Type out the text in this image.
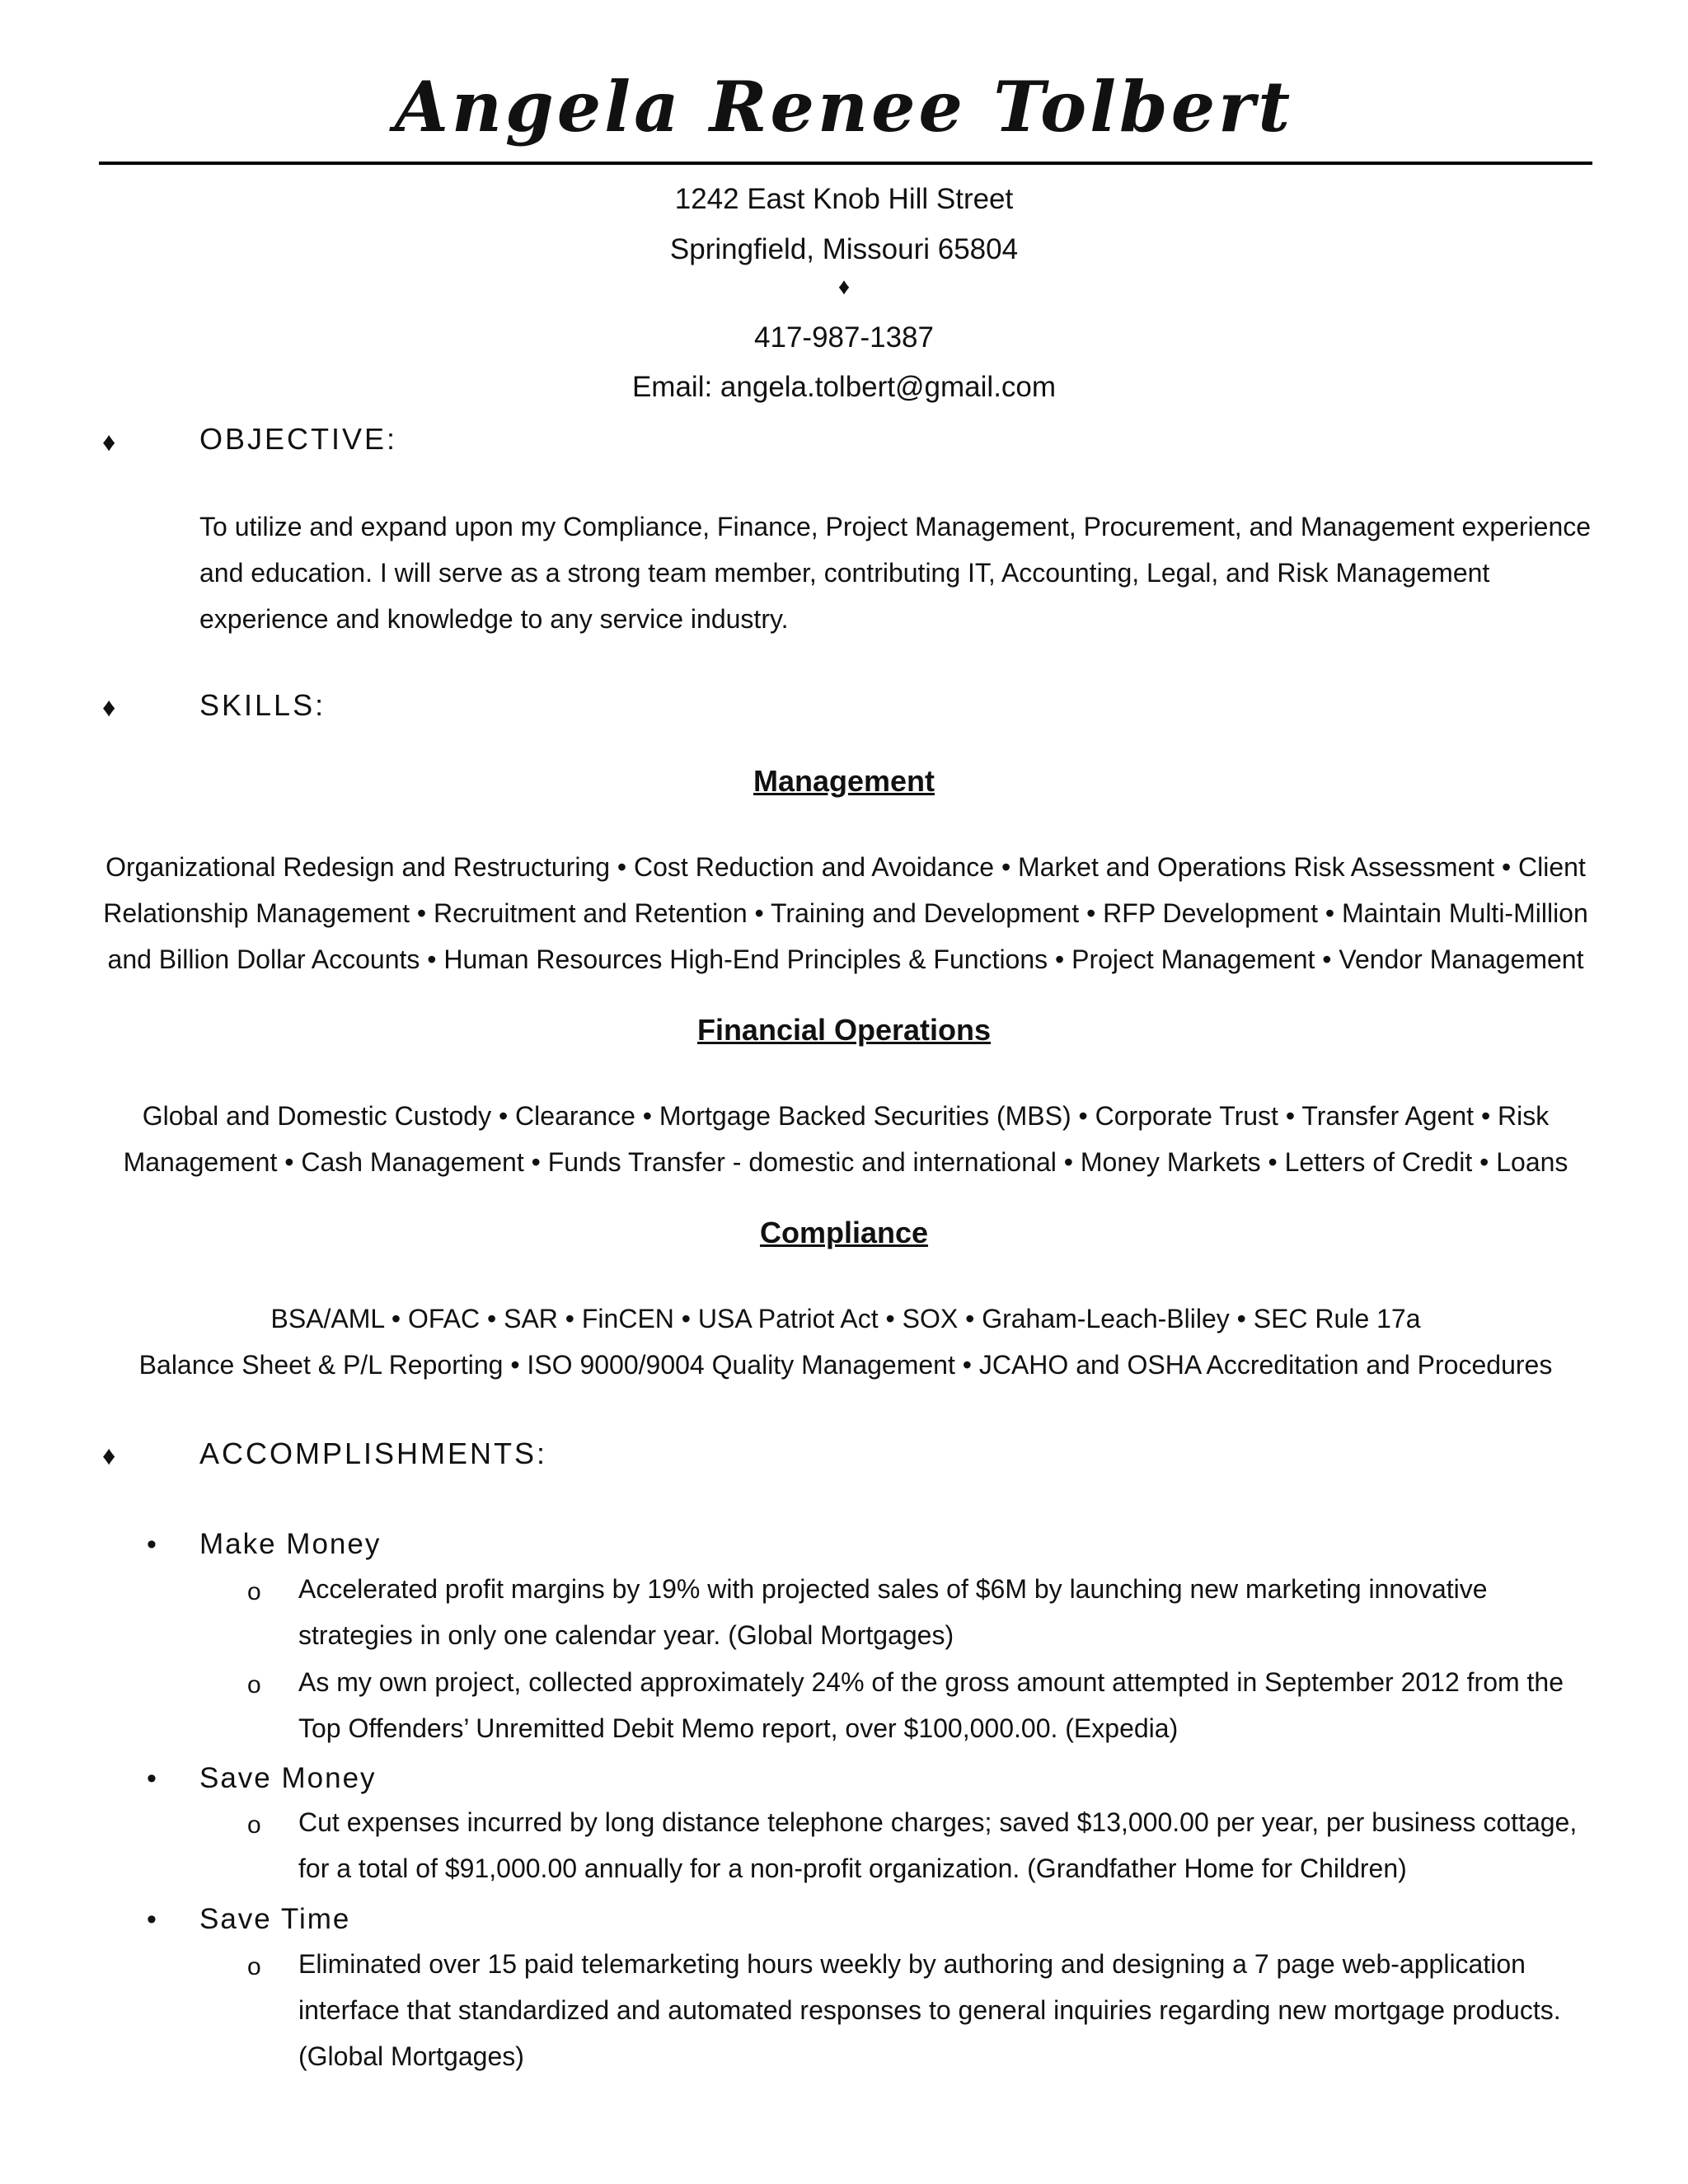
Angela Renee Tolbert
1242 East Knob Hill Street
Springfield, Missouri 65804
♦
417-987-1387
Email: angela.tolbert@gmail.com
♦	OBJECTIVE:
To utilize and expand upon my Compliance, Finance, Project Management, Procurement, and Management experience and education. I will serve as a strong team member, contributing IT, Accounting, Legal, and Risk Management experience and knowledge to any service industry.
♦	SKILLS:
Management
Organizational Redesign and Restructuring • Cost Reduction and Avoidance • Market and Operations Risk Assessment • Client Relationship Management • Recruitment and Retention • Training and Development • RFP Development • Maintain Multi-Million and Billion Dollar Accounts • Human Resources High-End Principles & Functions • Project Management • Vendor Management
Financial Operations
Global and Domestic Custody • Clearance • Mortgage Backed Securities (MBS) • Corporate Trust • Transfer Agent • Risk Management • Cash Management • Funds Transfer - domestic and international • Money Markets • Letters of Credit • Loans
Compliance
BSA/AML • OFAC • SAR • FinCEN • USA Patriot Act • SOX • Graham-Leach-Bliley • SEC Rule 17a
Balance Sheet & P/L Reporting • ISO 9000/9004 Quality Management • JCAHO and OSHA Accreditation and Procedures
♦	ACCOMPLISHMENTS:
• Make Money
o Accelerated profit margins by 19% with projected sales of $6M by launching new marketing innovative strategies in only one calendar year. (Global Mortgages)
o As my own project, collected approximately 24% of the gross amount attempted in September 2012 from the Top Offenders’ Unremitted Debit Memo report, over $100,000.00. (Expedia)
• Save Money
o Cut expenses incurred by long distance telephone charges; saved $13,000.00 per year, per business cottage, for a total of $91,000.00 annually for a non-profit organization. (Grandfather Home for Children)
• Save Time
o Eliminated over 15 paid telemarketing hours weekly by authoring and designing a 7 page web-application interface that standardized and automated responses to general inquiries regarding new mortgage products. (Global Mortgages)
